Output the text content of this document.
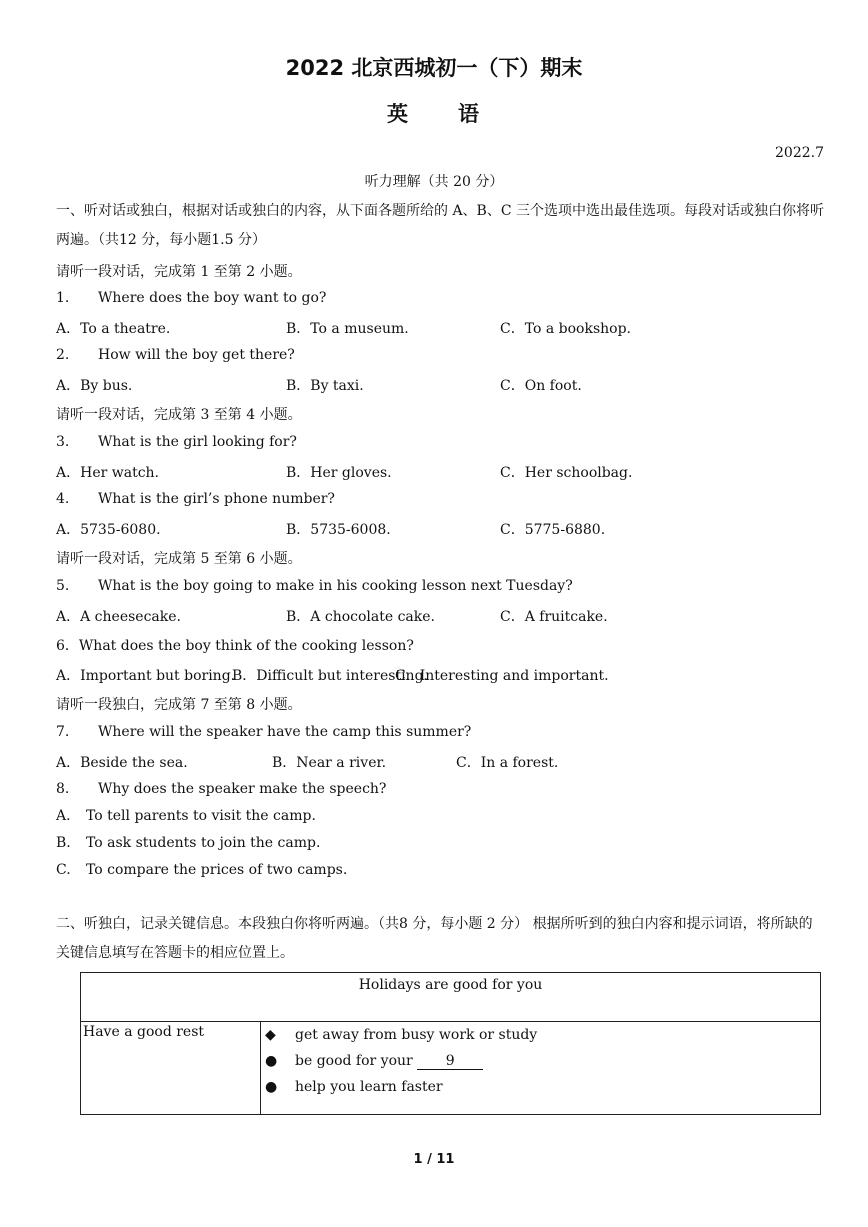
2022 北京西城初一（下）期末
英 语
2022.7
听力理解（共 20 分）
一、听对话或独白，根据对话或独白的内容，从下面各题所给的 A、B、C 三个选项中选出最佳选项。每段对话或独白你将听两遍。（共12 分，每小题1.5 分）
请听一段对话，完成第 1 至第 2 小题。
1. Where does the boy want to go?
A．To a theatre.	B．To a museum.	C．To a bookshop.
2. How will the boy get there?
A．By bus.	B．By taxi.	C．On foot.
请听一段对话，完成第 3 至第 4 小题。
3. What is the girl looking for?
A．Her watch.	B．Her gloves.	C．Her schoolbag.
4. What is the girl’s phone number?
A．5735-6080.	B．5735-6008.	C．5775-6880.
请听一段对话，完成第 5 至第 6 小题。
5. What is the boy going to make in his cooking lesson next Tuesday?
A．A cheesecake.	B．A chocolate cake.	C．A fruitcake.
6．What does the boy think of the cooking lesson?
A．Important but boring.
B．Difficult but interesting.
C．Interesting and important.
请听一段独白，完成第 7 至第 8 小题。
7. Where will the speaker have the camp this summer?
A．Beside the sea.	B．Near a river.	C．In a forest.
8. Why does the speaker make the speech?
A. To tell parents to visit the camp.
B. To ask students to join the camp.
C. To compare the prices of two camps.
二、听独白，记录关键信息。本段独白你将听两遍。（共8 分，每小题 2 分） 根据所听到的独白内容和提示词语，将所缺的关键信息填写在答题卡的相应位置上。
Holidays are good for you
Have a good rest	◆ get away from busy work or study
● be good for your 9
● help you learn faster
1 / 11
